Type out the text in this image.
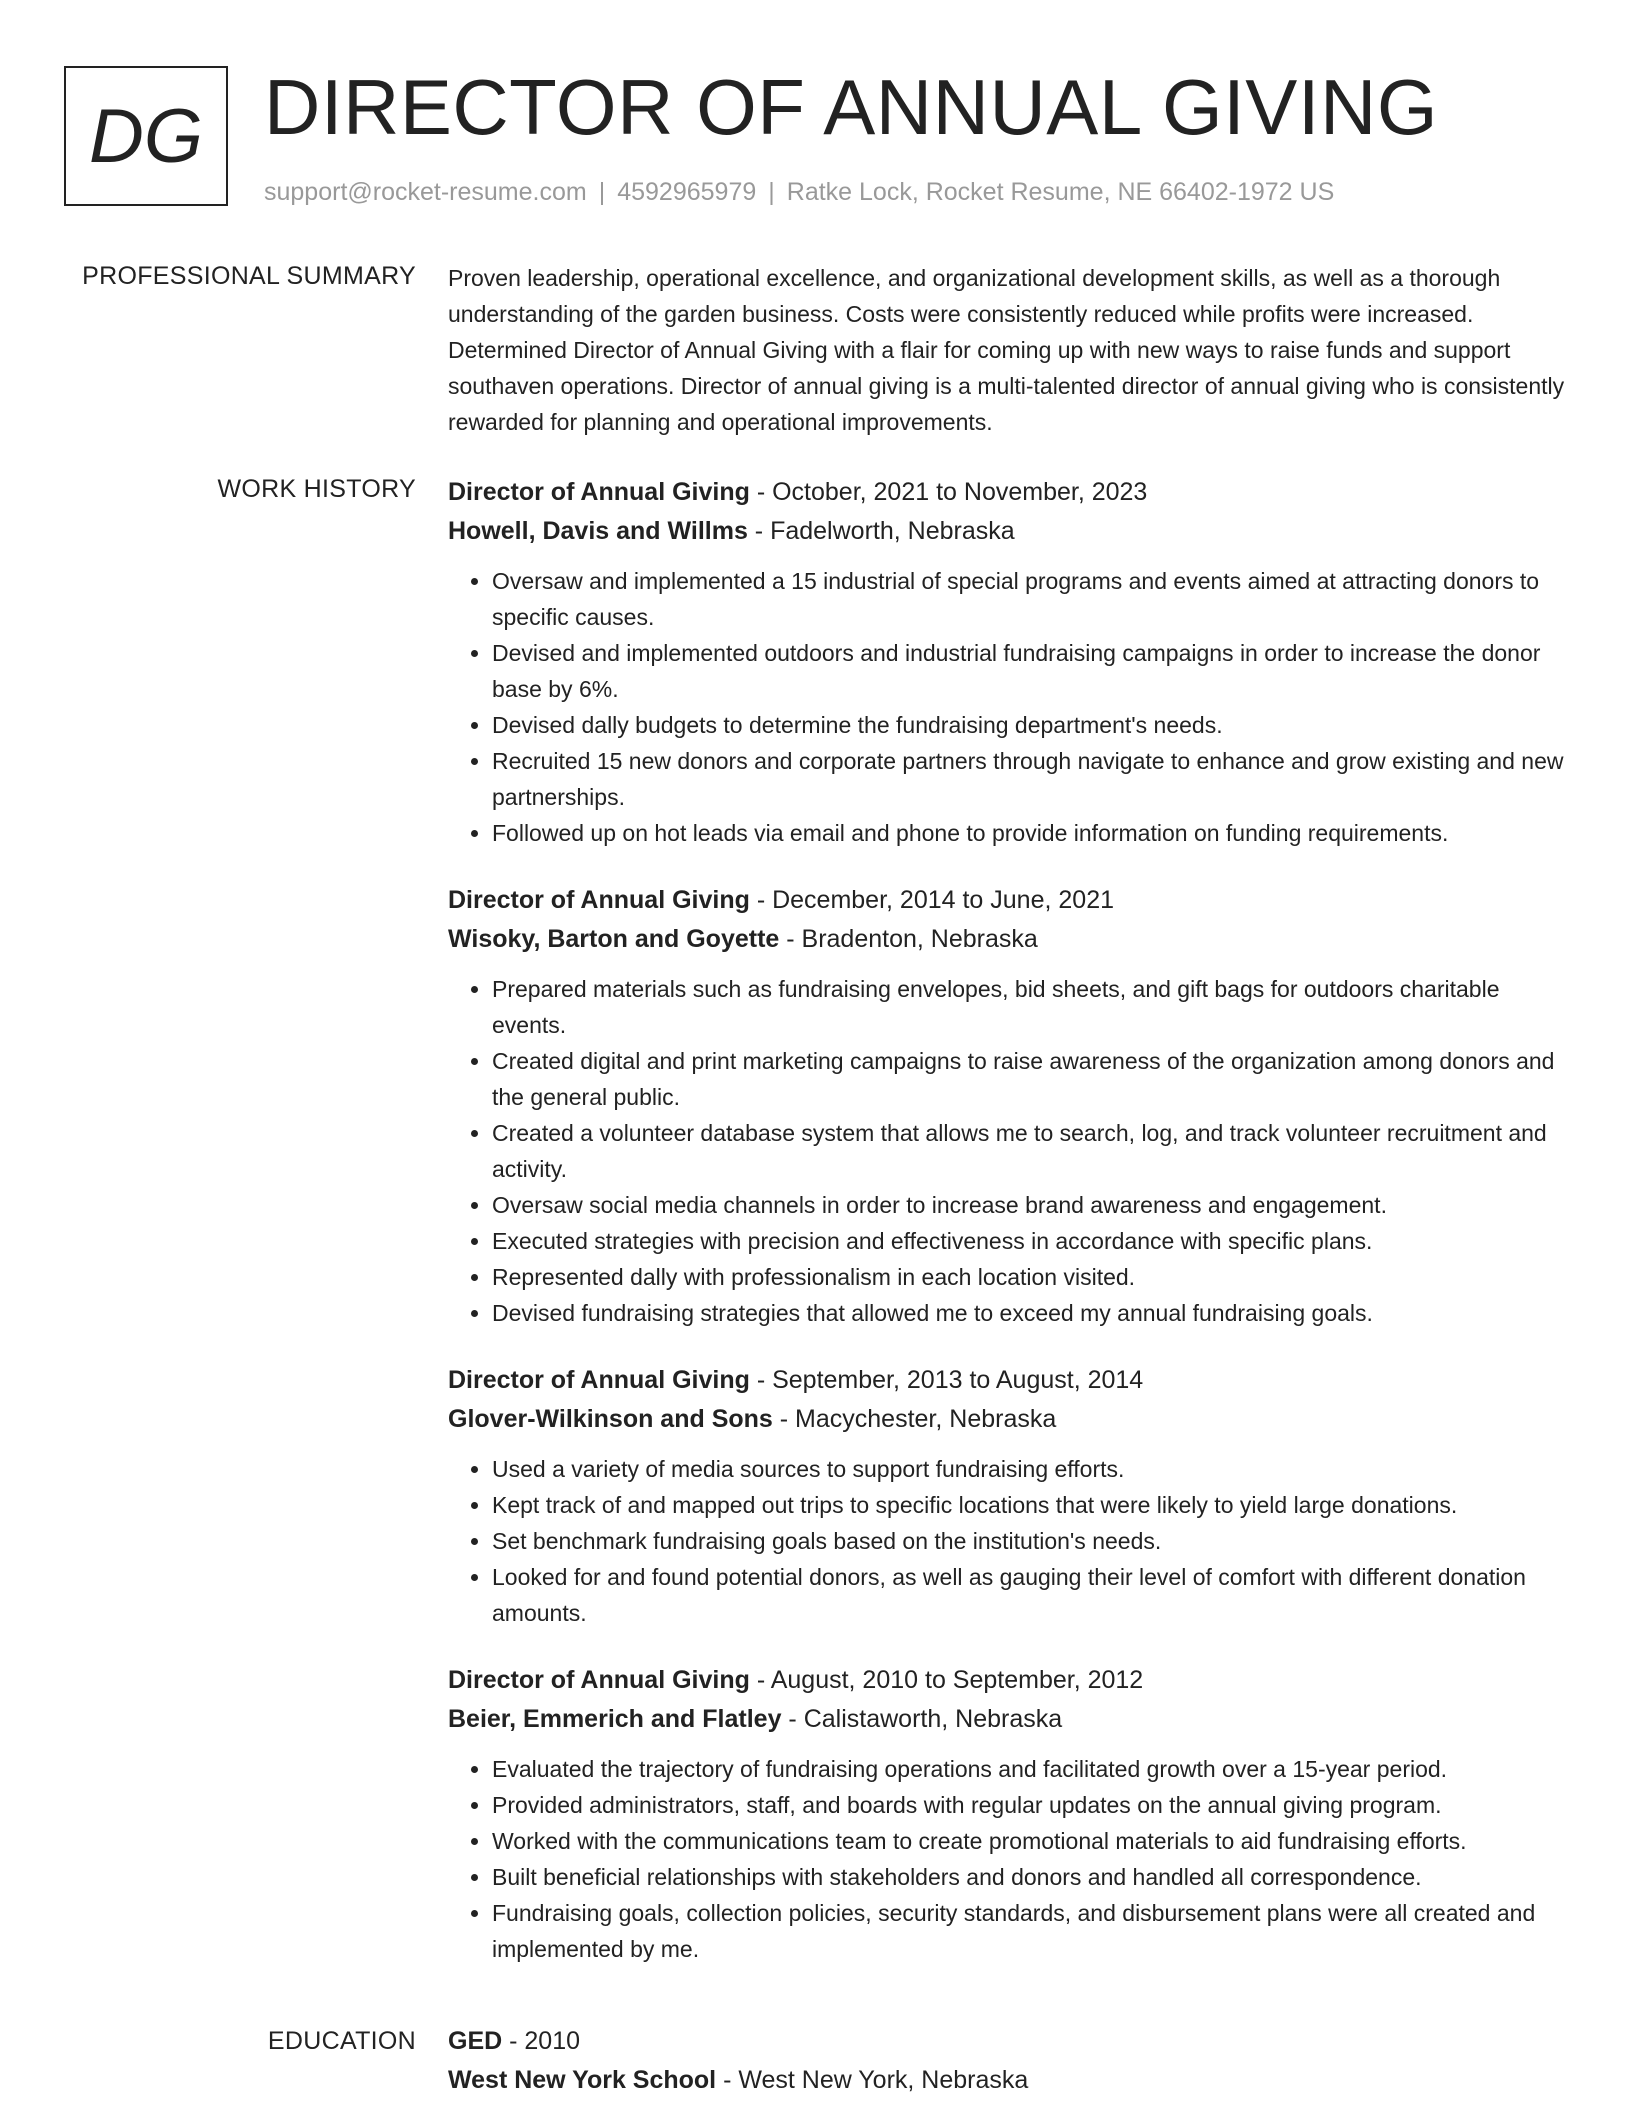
DG DIRECTOR OF ANNUAL GIVING
support@rocket-resume.com | 4592965979 | Ratke Lock, Rocket Resume, NE 66402-1972 US
PROFESSIONAL SUMMARY Proven leadership, operational excellence, and organizational development skills, as well as a thorough understanding of the garden business. Costs were consistently reduced while profits were increased. Determined Director of Annual Giving with a flair for coming up with new ways to raise funds and support southaven operations. Director of annual giving is a multi-talented director of annual giving who is consistently rewarded for planning and operational improvements.

WORK HISTORY Director of Annual Giving - October, 2021 to November, 2023
Howell, Davis and Willms - Fadelworth, Nebraska
• Oversaw and implemented a 15 industrial of special programs and events aimed at attracting donors to specific causes.
• Devised and implemented outdoors and industrial fundraising campaigns in order to increase the donor base by 6%.
• Devised dally budgets to determine the fundraising department's needs.
• Recruited 15 new donors and corporate partners through navigate to enhance and grow existing and new partnerships.
• Followed up on hot leads via email and phone to provide information on funding requirements.
Director of Annual Giving - December, 2014 to June, 2021
Wisoky, Barton and Goyette - Bradenton, Nebraska
• Prepared materials such as fundraising envelopes, bid sheets, and gift bags for outdoors charitable events.
• Created digital and print marketing campaigns to raise awareness of the organization among donors and the general public.
• Created a volunteer database system that allows me to search, log, and track volunteer recruitment and activity.
• Oversaw social media channels in order to increase brand awareness and engagement.
• Executed strategies with precision and effectiveness in accordance with specific plans.
• Represented dally with professionalism in each location visited.
• Devised fundraising strategies that allowed me to exceed my annual fundraising goals.
Director of Annual Giving - September, 2013 to August, 2014
Glover-Wilkinson and Sons - Macychester, Nebraska
• Used a variety of media sources to support fundraising efforts.
• Kept track of and mapped out trips to specific locations that were likely to yield large donations.
• Set benchmark fundraising goals based on the institution's needs.
• Looked for and found potential donors, as well as gauging their level of comfort with different donation amounts.
Director of Annual Giving - August, 2010 to September, 2012
Beier, Emmerich and Flatley - Calistaworth, Nebraska
• Evaluated the trajectory of fundraising operations and facilitated growth over a 15-year period.
• Provided administrators, staff, and boards with regular updates on the annual giving program.
• Worked with the communications team to create promotional materials to aid fundraising efforts.
• Built beneficial relationships with stakeholders and donors and handled all correspondence.
• Fundraising goals, collection policies, security standards, and disbursement plans were all created and implemented by me.
EDUCATION GED - 2010
West New York School - West New York, Nebraska
